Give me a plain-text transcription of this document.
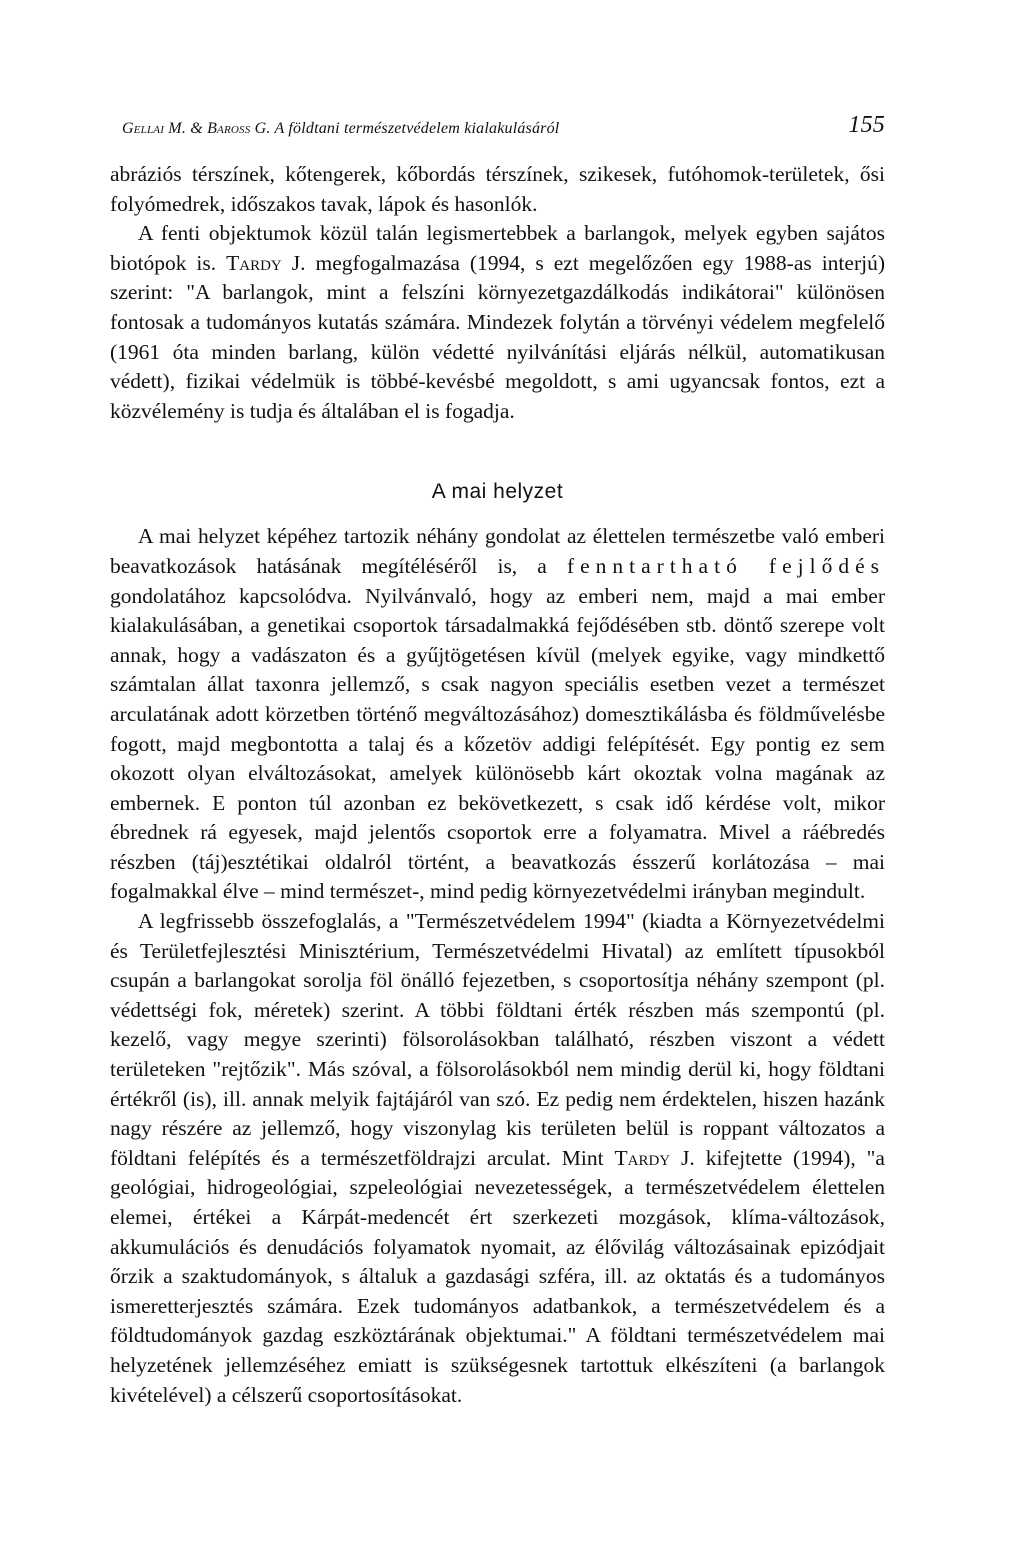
Gellai M. & Baross G. A földtani természetvédelem kialakulásáról	155

abráziós térszínek, kőtengerek, kőbordás térszínek, szikesek, futóhomok-területek, ősi folyómedrek, időszakos tavak, lápok és hasonlók.

A fenti objektumok közül talán legismertebbek a barlangok, melyek egyben sajátos biotópok is. Tardy J. megfogalmazása (1994, s ezt megelőzően egy 1988-as interjú) szerint: "A barlangok, mint a felszíni környezetgazdálkodás indikátorai" különösen fontosak a tudományos kutatás számára. Mindezek folytán a törvényi védelem megfelelő (1961 óta minden barlang, külön védetté nyilvánítási eljárás nélkül, automatikusan védett), fizikai védelmük is többé-kevésbé megoldott, s ami ugyancsak fontos, ezt a közvélemény is tudja és általában el is fogadja.

A mai helyzet

A mai helyzet képéhez tartozik néhány gondolat az élettelen természetbe való emberi beavatkozások hatásának megítéléséről is, a fenntartható fejlődés gondolatához kapcsolódva. Nyilvánvaló, hogy az emberi nem, majd a mai ember kialakulásában, a genetikai csoportok társadalmakká fejődésében stb. döntő szerepe volt annak, hogy a vadászaton és a gyűjtögetésen kívül (melyek egyike, vagy mindkettő számtalan állat taxonra jellemző, s csak nagyon speciális esetben vezet a természet arculatának adott körzetben történő megváltozásához) domesztikálásba és földművelésbe fogott, majd megbontotta a talaj és a kőzetöv addigi felépítését. Egy pontig ez sem okozott olyan elváltozásokat, amelyek különösebb kárt okoztak volna magának az embernek. E ponton túl azonban ez bekövetkezett, s csak idő kérdése volt, mikor ébrednek rá egyesek, majd jelentős csoportok erre a folyamatra. Mivel a ráébredés részben (táj)esztétikai oldalról történt, a beavatkozás ésszerű korlátozása – mai fogalmakkal élve – mind természet-, mind pedig környezetvédelmi irányban megindult.

A legfrissebb összefoglalás, a "Természetvédelem 1994" (kiadta a Környezetvédelmi és Területfejlesztési Minisztérium, Természetvédelmi Hivatal) az említett típusokból csupán a barlangokat sorolja föl önálló fejezetben, s csoportosítja néhány szempont (pl. védettségi fok, méretek) szerint. A többi földtani érték részben más szempontú (pl. kezelő, vagy megye szerinti) fölsorolásokban található, részben viszont a védett területeken "rejtőzik". Más szóval, a fölsorolásokból nem mindig derül ki, hogy földtani értékről (is), ill. annak melyik fajtájáról van szó. Ez pedig nem érdektelen, hiszen hazánk nagy részére az jellemző, hogy viszonylag kis területen belül is roppant változatos a földtani felépítés és a természetföldrajzi arculat. Mint Tardy J. kifejtette (1994), "a geológiai, hidrogeológiai, szpeleológiai nevezetességek, a természetvédelem élettelen elemei, értékei a Kárpát-medencét ért szerkezeti mozgások, klíma-változások, akkumulációs és denudációs folyamatok nyomait, az élővilág változásainak epizódjait őrzik a szaktudományok, s általuk a gazdasági szféra, ill. az oktatás és a tudományos ismeretterjesztés számára. Ezek tudományos adatbankok, a természetvédelem és a földtudományok gazdag eszköztárának objektumai." A földtani természetvédelem mai helyzetének jellemzéséhez emiatt is szükségesnek tartottuk elkészíteni (a barlangok kivételével) a célszerű csoportosításokat.
